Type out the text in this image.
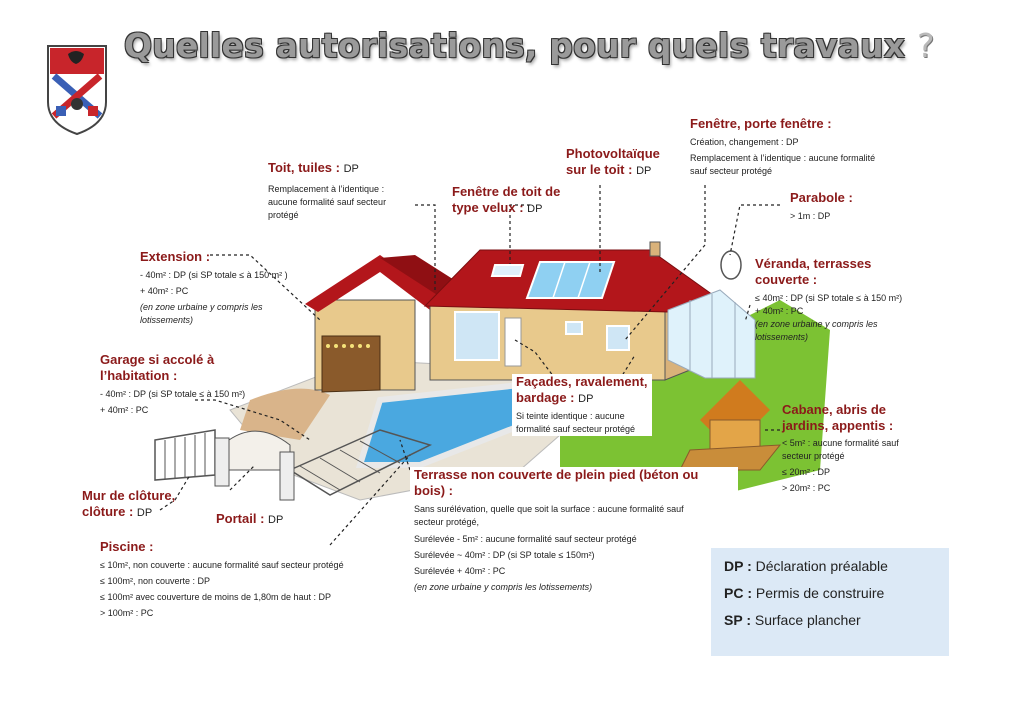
Quelles autorisations, pour quels travaux ?
Toit, tuiles : DP
Remplacement à l’identique :
aucune formalité sauf secteur
protégé
Fenêtre de toit de
type velux : DP
Photovoltaïque
sur le toit : DP
Fenêtre, porte fenêtre :
Création, changement : DP
Remplacement à l’identique : aucune formalité
sauf secteur protégé
Parabole :
> 1m : DP
Véranda, terrasses
couverte :
≤ 40m² : DP (si SP totale ≤ à 150 m²)
+ 40m² : PC
(en zone urbaine y compris les
lotissements)
Extension :
- 40m² : DP (si SP totale ≤ à 150 m² )
+ 40m² : PC
(en zone urbaine y compris les
lotissements)
Garage si accolé à
l’habitation :
- 40m² : DP (si SP totale ≤ à 150 m²)
+ 40m² : PC
Façades, ravalement,
bardage : DP
Si teinte identique : aucune
formalité sauf secteur protégé
Cabane, abris de
jardins, appentis :
< 5m² : aucune formalité sauf
secteur protégé
≤ 20m² : DP
> 20m² : PC
Terrasse non couverte de plein pied (béton ou
bois) :
Sans surélévation, quelle que soit la surface : aucune formalité sauf
secteur protégé,
Surélevée - 5m² : aucune formalité sauf secteur protégé
Surélevée ~ 40m² : DP (si SP totale ≤ 150m²)
Surélevée + 40m² : PC
(en zone urbaine y compris les lotissements)
Mur de clôture,
clôture : DP	Portail : DP
Piscine :
≤ 10m², non couverte : aucune formalité sauf secteur protégé
≤ 100m², non couverte : DP
≤ 100m² avec couverture de moins de 1,80m de haut : DP
> 100m² : PC
DP : Déclaration préalable
PC : Permis de construire
SP : Surface plancher
